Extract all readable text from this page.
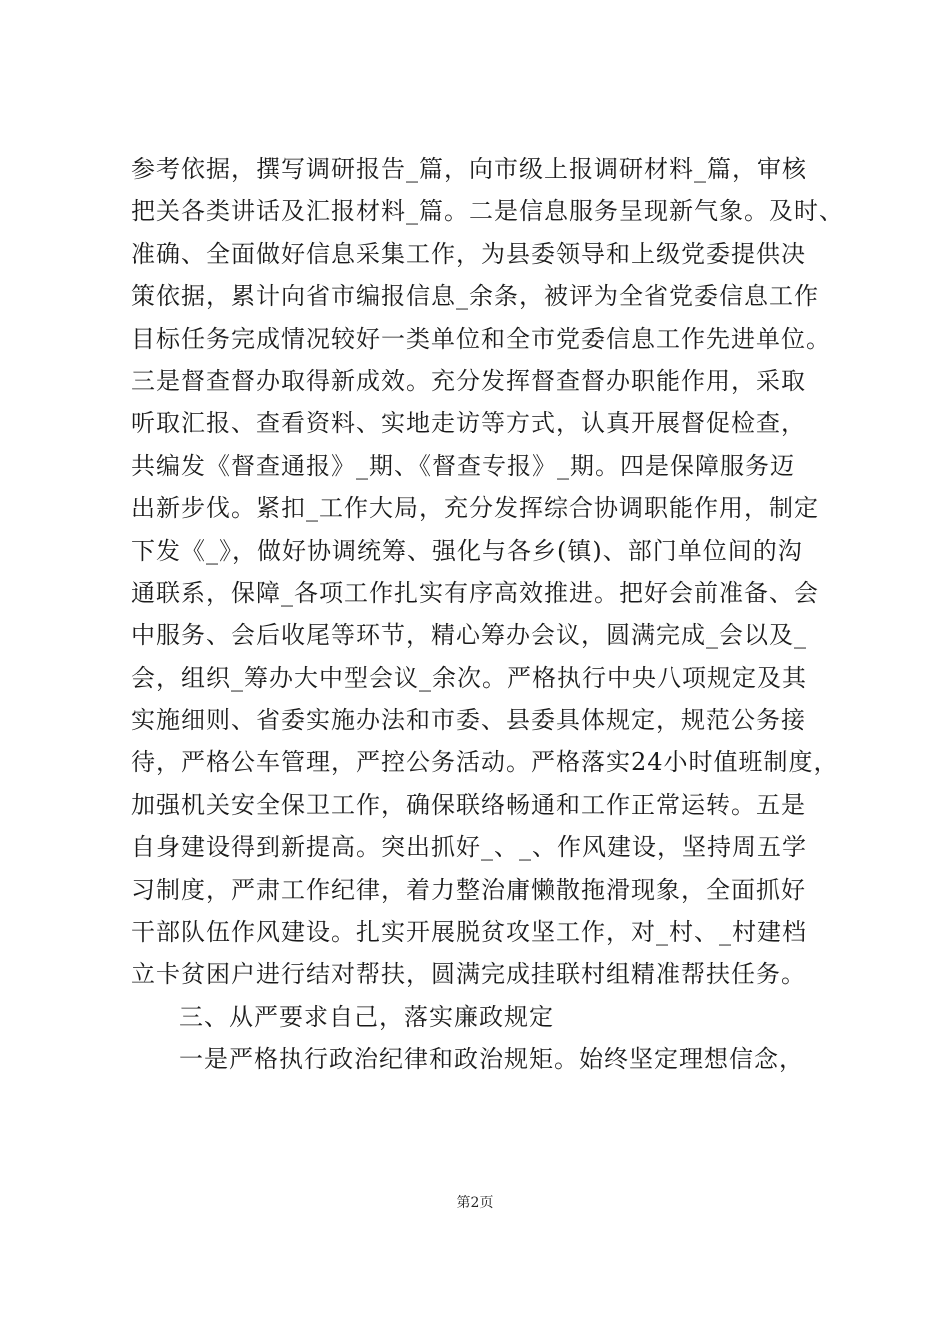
参考依据，撰写调研报告_篇，向市级上报调研材料_篇，审核
把关各类讲话及汇报材料_篇。二是信息服务呈现新气象。及时、
准确、全面做好信息采集工作，为县委领导和上级党委提供决
策依据，累计向省市编报信息_余条，被评为全省党委信息工作
目标任务完成情况较好一类单位和全市党委信息工作先进单位。
三是督查督办取得新成效。充分发挥督查督办职能作用，采取
听取汇报、查看资料、实地走访等方式，认真开展督促检查，
共编发《督查通报》_期、《督查专报》_期。四是保障服务迈
出新步伐。紧扣_工作大局，充分发挥综合协调职能作用，制定
下发《_》，做好协调统筹、强化与各乡(镇)、部门单位间的沟
通联系，保障_各项工作扎实有序高效推进。把好会前准备、会
中服务、会后收尾等环节，精心筹办会议，圆满完成_会以及_
会，组织_筹办大中型会议_余次。严格执行中央八项规定及其
实施细则、省委实施办法和市委、县委具体规定，规范公务接
待，严格公车管理，严控公务活动。严格落实24小时值班制度，
加强机关安全保卫工作，确保联络畅通和工作正常运转。五是
自身建设得到新提高。突出抓好_、_、作风建设，坚持周五学
习制度，严肃工作纪律，着力整治庸懒散拖滑现象，全面抓好
干部队伍作风建设。扎实开展脱贫攻坚工作，对_村、_村建档
立卡贫困户进行结对帮扶，圆满完成挂联村组精准帮扶任务。
三、从严要求自己，落实廉政规定
一是严格执行政治纪律和政治规矩。始终坚定理想信念，
第2页
